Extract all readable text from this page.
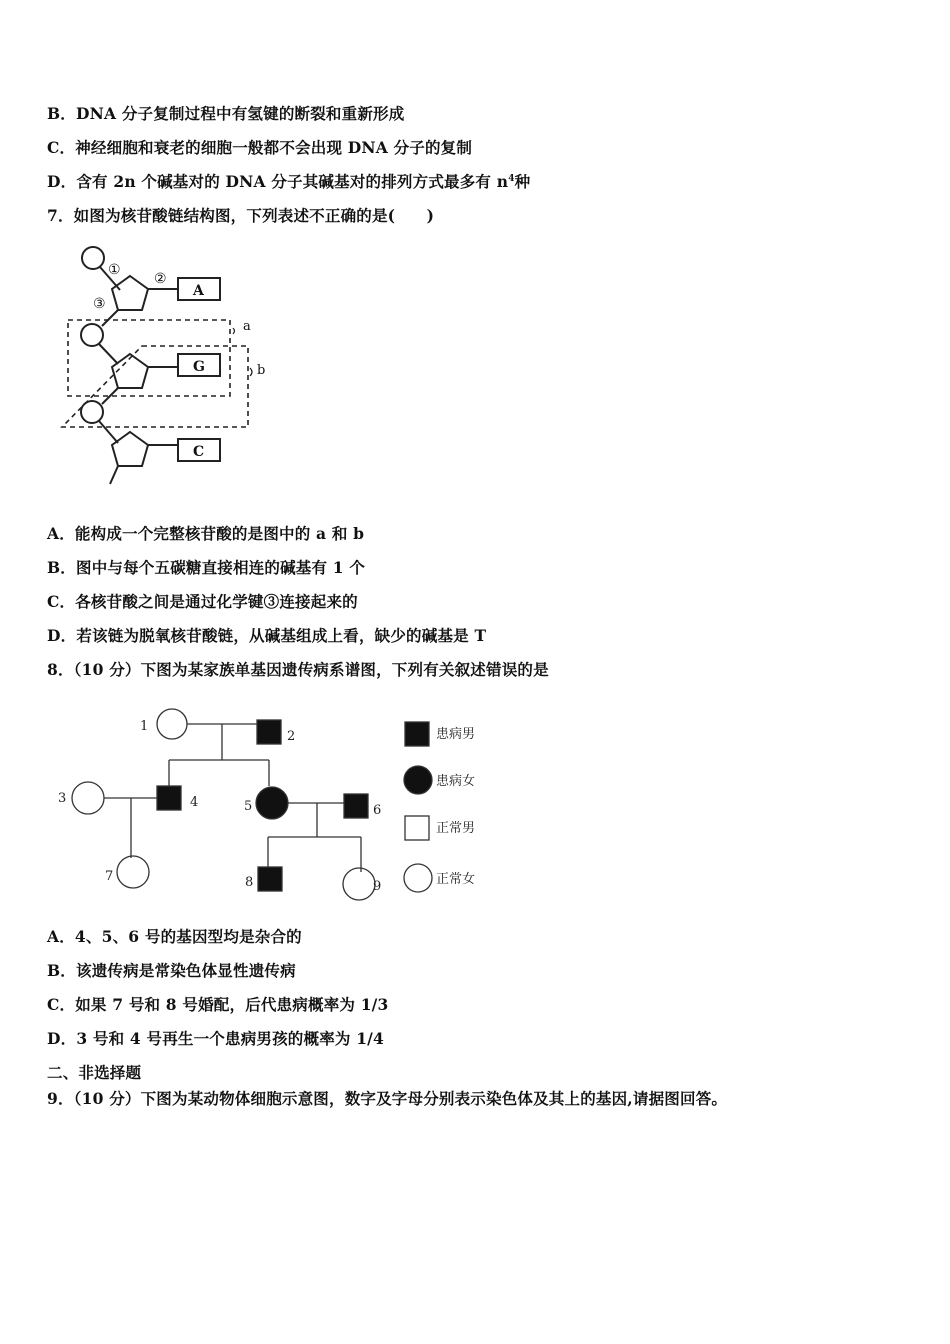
B．DNA 分子复制过程中有氢键的断裂和重新形成
C．神经细胞和衰老的细胞一般都不会出现 DNA 分子的复制
D．含有 2n 个碱基对的 DNA 分子其碱基对的排列方式最多有 $n^4$种
7．如图为核苷酸链结构图，下列表述不正确的是(　　)
①
②
③
A
G
C
a
b
A．能构成一个完整核苷酸的是图中的 a 和 b
B．图中与每个五碳糖直接相连的碱基有 1 个
C．各核苷酸之间是通过化学键③连接起来的
D．若该链为脱氧核苷酸链，从碱基组成上看，缺少的碱基是 T
8．（10 分）下图为某家族单基因遗传病系谱图，下列有关叙述错误的是
1
2
3	4	5	6
7	8	9
患病男
患病女
正常男
正常女
A．4、5、6 号的基因型均是杂合的
B．该遗传病是常染色体显性遗传病
C．如果 7 号和 8 号婚配，后代患病概率为 1/3
D．3 号和 4 号再生一个患病男孩的概率为 1/4
二、非选择题
9．（10 分）下图为某动物体细胞示意图，数字及字母分别表示染色体及其上的基因,请据图回答。
